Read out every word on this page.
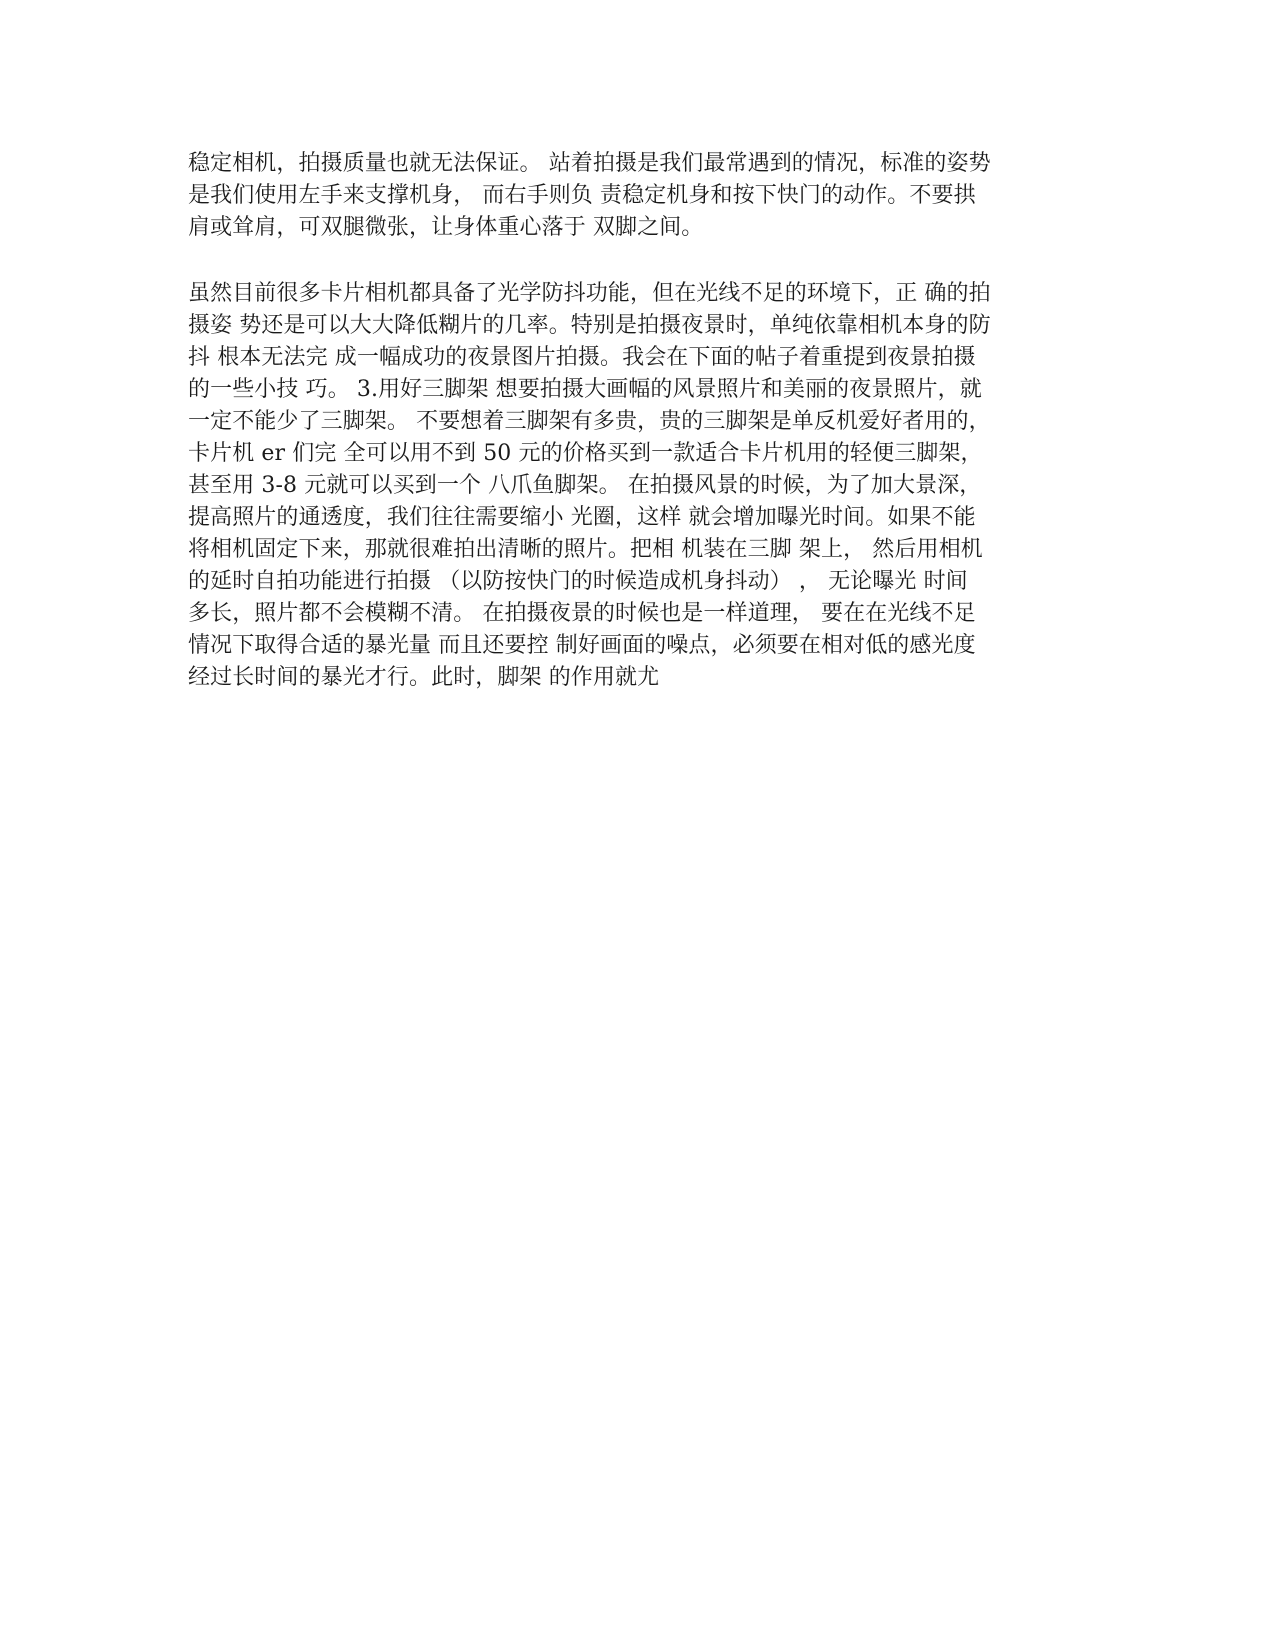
稳定相机，拍摄质量也就无法保证。 站着拍摄是我们最常遇到的情况，标准的姿势
是我们使用左手来支撑机身， 而右手则负 责稳定机身和按下快门的动作。不要拱
肩或耸肩，可双腿微张，让身体重心落于 双脚之间。
虽然目前很多卡片相机都具备了光学防抖功能，但在光线不足的环境下，正 确的拍
摄姿 势还是可以大大降低糊片的几率。特别是拍摄夜景时，单纯依靠相机本身的防
抖 根本无法完 成一幅成功的夜景图片拍摄。我会在下面的帖子着重提到夜景拍摄
的一些小技 巧。 3.用好三脚架 想要拍摄大画幅的风景照片和美丽的夜景照片，就
一定不能少了三脚架。 不要想着三脚架有多贵，贵的三脚架是单反机爱好者用的，
卡片机 er 们完 全可以用不到 50 元的价格买到一款适合卡片机用的轻便三脚架，
甚至用 3-8 元就可以买到一个 八爪鱼脚架。 在拍摄风景的时候，为了加大景深，
提高照片的通透度，我们往往需要缩小 光圈，这样 就会增加曝光时间。如果不能
将相机固定下来，那就很难拍出清晰的照片。把相 机装在三脚 架上， 然后用相机
的延时自拍功能进行拍摄 （以防按快门的时候造成机身抖动） ， 无论曝光 时间
多长，照片都不会模糊不清。 在拍摄夜景的时候也是一样道理， 要在在光线不足
情况下取得合适的暴光量 而且还要控 制好画面的噪点，必须要在相对低的感光度
经过长时间的暴光才行。此时，脚架 的作用就尤
